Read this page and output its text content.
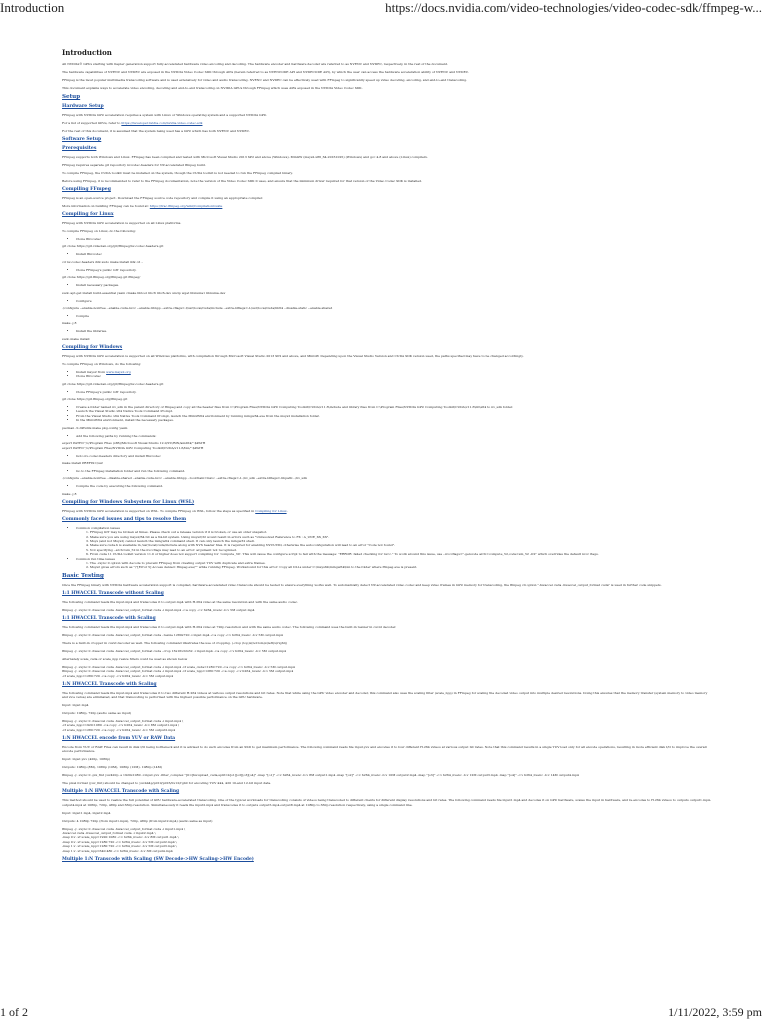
Introduction	https://docs.nvidia.com/video-technologies/video-codec-sdk/ffmpeg-w...
Introduction

All NVIDIA® GPUs starting with Kepler generation support fully-accelerated hardware video encoding and decoding. The hardware encoder and hardware decoder are referred to as NVENC and NVDEC, respectively, in the rest of the document.

The hardware capabilities of NVENC and NVDEC are exposed in the NVIDIA Video Codec SDK through APIs (herein referred to as NVENCODE API and NVDECODE API), by which the user can access the hardware acceleration ability of NVENC and NVDEC.

FFmpeg is the most popular multimedia transcoding software and is used extensively for video and audio transcoding. NVENC and NVDEC can be effectively used with FFmpeg to significantly speed up video decoding, encoding, and end-to-end transcoding.

This document explains ways to accelerate video encoding, decoding and end-to-end transcoding on NVIDIA GPUs through FFmpeg which uses APIs exposed in the NVIDIA Video Codec SDK.

Setup
Hardware Setup

FFmpeg with NVIDIA GPU acceleration requires a system with Linux or Windows operating system and a supported NVIDIA GPU.

For a list of supported GPUs, refer to https://developer.nvidia.com/nvidia-video-codec-sdk

For the rest of this document, it is assumed that the system being used has a GPU which has both NVENC and NVDEC.

Software Setup
Prerequisites

FFmpeg supports both Windows and Linux. FFmpeg has been compiled and tested with Microsoft Visual Studio 2013 SP2 and above (Windows), MinGW (msys2-x86_64-20161025) (Windows) and gcc 4.8 and above (Linux) compilers.

FFmpeg requires separate git repository nvcodec-headers for NV-accelerated ffmpeg build.

To compile FFmpeg, the CUDA toolkit must be installed on the system, though the CUDA toolkit is not needed to run the FFmpeg compiled binary.

Before using FFmpeg, it is recommended to refer to the FFmpeg documentation, note the version of the Video Codec SDK it uses, and ensure that the minimum driver required for that version of the Video Codec SDK is installed.

Compiling FFmpeg

FFmpeg is an open-source project. Download the FFmpeg source code repository and compile it using an appropriate compiler.

More information on building FFmpeg can be found at: https://trac.ffmpeg.org/wiki/CompilationGuide

Compiling for Linux

FFmpeg with NVIDIA GPU acceleration is supported on all Linux platforms.

To compile FFmpeg on Linux, do the following:

• Clone ffnvcodec

git clone https://git.videolan.org/git/ffmpeg/nv-codec-headers.git

• Install ffnvcodec

cd nv-codec-headers && sudo make install && cd –

• Clone FFmpeg's public GIT repository.

git clone https://git.ffmpeg.org/ffmpeg.git ffmpeg/

• Install necessary packages.

sudo apt-get install build-essential yasm cmake libtool libc6 libc6-dev unzip wget libnuma1 libnuma-dev

• Configure

./configure --enable-nonfree --enable-cuda-nvcc --enable-libnpp --extra-cflags=-I/usr/local/cuda/include --extra-ldflags=-L/usr/local/cuda/lib64 --disable-static --enable-shared

• Compile

make -j 8

• Install the libraries.

sudo make install

Compiling for Windows

FFmpeg with NVIDIA GPU acceleration is supported on all Windows platforms, with compilation through Microsoft Visual Studio 2013 SP2 and above, and MinGW. Depending upon the Visual Studio Version and CUDA SDK version used, the paths specified may have to be changed accordingly.

To compile FFmpeg on Windows, do the following:

• Install msys2 from www.msys2.org
• Clone ffnvcodec

git clone https://git.videolan.org/git/ffmpeg/nv-codec-headers.git

• Clone FFmpeg's public GIT repository.

git clone https://git.ffmpeg.org/ffmpeg.git

• Create a folder named nv_sdk in the parent directory of ffmpeg and copy all the header files from C:\Program Files\NVIDIA GPU Computing Toolkit\CUDA\v11.6\include and library files from C:\Program Files\NVIDIA GPU Computing Toolkit\CUDA\v11.6\lib\x64 to nv_sdk folder.
• Launch the Visual Studio x64 Native Tools Command Prompt.
• From the Visual Studio x64 Native Tools Command Prompt, launch the MinGW64 environment by running mingw64.exe from the msys2 installation folder.
• In the MinGW64 environment, install the necessary packages.

pacman -S diffutils make pkg-config yasm

• Add the following paths by running the commands:

export PATH="/c/Program Files (x86)/Microsoft Visual Studio 12.0/VC/BIN/amd64/":$PATH
export PATH="/c/Program Files/NVIDIA GPU Computing Toolkit/CUDA/v11.6/bin/":$PATH

• Goto nv-codec-headers directory and install ffnvcodec

make install PREFIX=/usr

• Go to the FFmpeg installation folder and run the following command.

./configure --enable-nonfree --disable-shared --enable-cuda-nvcc --enable-libnpp --toolchain=msvc --extra-cflags=-I../nv_sdk --extra-ldflags=-libpath:../nv_sdk

• Compile the code by executing the following command.

make -j 8

Compiling for Windows Subsystem for Linux (WSL)

FFmpeg with NVIDIA GPU acceleration is supported on WSL. To compile FFmpeg on WSL, follow the steps as specified in Compiling for Linux.

Commonly faced issues and tips to resolve them
• Common compilation issues
1. FFmpeg GIT may be broken at times. Please check out a release version if it is broken, or use an older snapshot.
2. Make sure you are using msys2/64 bit as a 64-bit system. Using msys2/32 would result in errors such as "Unresolved Reference to FX : A_UNE_XX_XX".
3. Msys (and not Msys2) cannot launch the mingw64 command shell. It can only launch the mingw32 shell.
4. Make sure cuda.h is available in /usr/local/cuda/include along with NVS header files. It is required for enabling NVCUVID, otherwise the autoconfiguration will lead to an error "Code not found".
5. Not specifying --arch=sm_52 in the nvccflags may lead to an error: argument not recognized.
6. From cuda 11 CUDA toolkit version 11.0 or higher does not support compiling for 'compute_30'. This will cause the configure script to fail with the message: "ERROR: failed checking for nvcc." To work around this issue, use --nvccflags="-gencode arch=compute_52,code=sm_52 -O2" which overrides the default nvcc flags.
• Common run time issues
1. The -vsync 0 option with decode to prevent FFmpeg from creating output YUV with duplicate and extra frames.
2. Msys2 gives errors such as "\"[Error 5] Access denied: ffmpeg.exe\"" while running FFmpeg. Workaround for this error: Copy all DLLs under C:\msys64\mingw64\bin to the folder where ffmpeg.exe is present.
Basic Testing

Once the FFmpeg binary with NVIDIA hardware acceleration support is compiled, hardware-accelerated video transcode should be tested to ensure everything works well. To automatically detect NV-accelerated video codec and keep video frames in GPU memory for transcoding, the ffmpeg cli option "-hwaccel cuda -hwaccel_output_format cuda" is used in further code snippets.

1:1 HWACCEL Transcode without Scaling

The following command reads file input.mp4 and transcodes it to output.mp4 with H.264 video at the same resolution and with the same audio codec.

ffmpeg -y -vsync 0 -hwaccel cuda -hwaccel_output_format cuda -i input.mp4 -c:a copy -c:v h264_nvenc -b:v 5M output.mp4

1:1 HWACCEL Transcode with Scaling

The following command reads file input.mp4 and transcodes it to output.mp4 with H.264 video at 720p resolution and with the same audio codec. The following command uses the built-in resizer in cuvid decoder.

ffmpeg -y -vsync 0 -hwaccel cuda -hwaccel_output_format cuda –resize 1280x720 -i input.mp4 -c:a copy -c:v h264_nvenc -b:v 5M output.mp4

There is a built-in cropper in cuvid decoder as well. The following command illustrates the use of cropping. (-crop (top)x(bottom)x(left)x(right))

ffmpeg -y -vsync 0 -hwaccel cuda -hwaccel_output_format cuda –crop 16x16x32x32 -i input.mp4 -c:a copy -c:v h264_nvenc -b:v 5M output.mp4

Alternately scale_cuda or scale_npp resize filters could be used as shown below

ffmpeg -y -vsync 0 -hwaccel cuda -hwaccel_output_format cuda -i input.mp4 -vf scale_cuda=1280:720 -c:a copy -c:v h264_nvenc -b:v 5M output.mp4
ffmpeg -y -vsync 0 -hwaccel cuda -hwaccel_output_format cuda -i input.mp4 -vf scale_npp=1280:720 -c:a copy -c:v h264_nvenc -b:v 5M output.mp4
-vf scale_npp=1280:720 -c:a copy -c:v h264_nvenc -b:v 5M output.mp4

1:N HWACCEL Transcode with Scaling

The following command reads file input.mp4 and transcodes it to two different H.264 videos at various output resolutions and bit rates. Note that while using the GPU video encoder and decoder, this command also uses the scaling filter (scale_npp) in FFmpeg for scaling the decoded video output into multiple desired resolutions. Doing this ensures that the memory transfer (system memory to video memory and vice versa) are eliminated, and that transcoding is performed with the highest possible performance on the GPU hardware.

Input: input.mp4

Outputs: 1080p, 720p (audio same as input)

ffmpeg -y -vsync 0 -hwaccel cuda -hwaccel_output_format cuda -i input.mp4 \
-vf scale_npp=1920:1080 -c:a copy -c:v h264_nvenc -b:v 8M output1.mp4 \
-vf scale_npp=1280:720 -c:a copy -c:v h264_nvenc -b:v 5M output2.mp4

1:N HWACCEL encode from YUV or RAW Data

Encode from YUV or RAW Files can result in disk I/O being bottleneck and it is advised to do such encodes from an SSD to get maximum performance. The following command reads file input.yuv and encodes it to four different H.264 videos at various output bit rates. Note that this command results in a single YUV load only for all encode operations, resulting in more efficient disk I/O to improve the overall encode performance.

Input: input.yuv (420p, 1080p)

Outputs: 1080p (8M), 1080p (10M), 1080p (12M), 1080p (14M)

ffmpeg -y -vsync 0 -pix_fmt yuv420p -s 1920x1080 -i input.yuv -filter_complex "[0:v]hwupload_cuda,split=4[o1][o2][o3][o4]" -map "[o1]" -c:v h264_nvenc -b:v 8M output1.mp4 -map "[o2]" -c:v h264_nvenc -b:v 10M output2.mp4 -map "[o3]" -c:v h264_nvenc -b:v 12M output3.mp4 -map "[o4]" -c:v h264_nvenc -b:v 14M output4.mp4

The pixel format (yuv_fmt) should be changed to yuv444p/p010/p016/nv12/rgb0 for encoding YUV 444, 420 10-and 12-bit input data.

Multiple 1:N HWACCEL Transcode with Scaling

This method should be used to realize the full potential of GPU hardware-accelerated transcoding. One of the typical workloads for transcoding consists of videos being transcoded to different clients for different display resolutions and bit rates. The following command reads file input1.mp4 and decodes it on GPU hardware, scales the input in hardware, and re-encodes to H.264 videos to outputs output1.mp4-output4.mp4 at 1080p, 720p, 480p and 360p resolution. Simultaneously it reads file input2.mp4 and transcodes it to outputs output5.mp4-output8.mp4 at 1080p to 360p resolution respectively, using a single command line.

Input: input1.mp4, input2.mp4

Outputs: 4 1080p 720p (from input1.mp4), 720p, 480p (from input2.mp4) (audio same as input)

ffmpeg -y -vsync 0 -hwaccel cuda -hwaccel_output_format cuda -i input1.mp4 \
-hwaccel cuda -hwaccel_output_format cuda -i input2.mp4 \
-map 0:v -vf scale_npp=1920:1080 -c:v h264_nvenc -b:v 8M output1.mp4 \
-map 0:v -vf scale_npp=1280:720 -c:v h264_nvenc -b:v 5M output2.mp4 \
-map 1:v -vf scale_npp=1280:720 -c:v h264_nvenc -b:v 5M output3.mp4 \
-map 1:v -vf scale_npp=640:480 -c:v h264_nvenc -b:v 3M output4.mp4

Multiple 1:N Transcode with Scaling (SW Decode->HW Scaling->HW Encode)
1 of 2	1/11/2022, 3:59 pm
